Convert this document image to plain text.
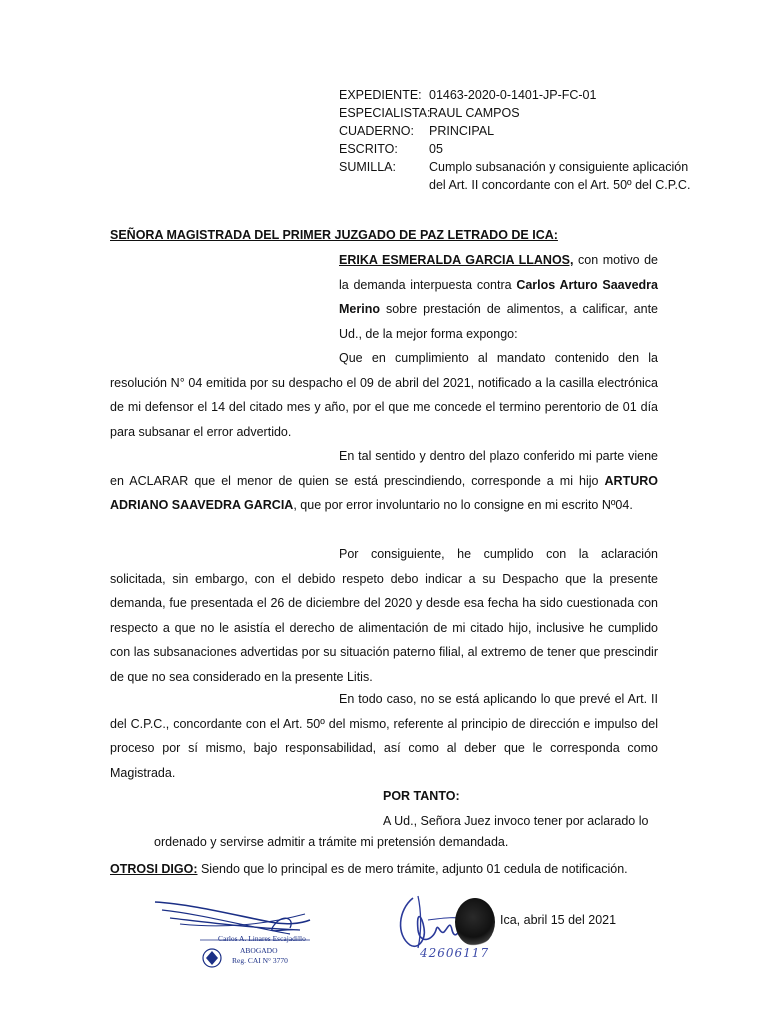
EXPEDIENTE: 01463-2020-0-1401-JP-FC-01
ESPECIALISTA:
RAUL CAMPOS
CUADERNO:	PRINCIPAL
ESCRITO:	05
SUMILLA:	Cumplo subsanación y consiguiente aplicación del Art. II concordante con el Art. 50º del C.P.C.
SEÑORA MAGISTRADA DEL PRIMER JUZGADO DE PAZ LETRADO DE ICA:
ERIKA ESMERALDA GARCIA LLANOS, con motivo de la demanda interpuesta contra Carlos Arturo Saavedra Merino sobre prestación de alimentos, a calificar, ante Ud., de la mejor forma expongo:
Que en cumplimiento al mandato contenido den la resolución N° 04 emitida por su despacho el 09 de abril del 2021, notificado a la casilla electrónica de mi defensor el 14 del citado mes y año, por el que me concede el termino perentorio de 01 día para subsanar el error advertido.
En tal sentido y dentro del plazo conferido mi parte viene en ACLARAR que el menor de quien se está prescindiendo, corresponde a mi hijo ARTURO ADRIANO SAAVEDRA GARCIA, que por error involuntario no lo consigne en mi escrito Nº04.
Por consiguiente, he cumplido con la aclaración solicitada, sin embargo, con el debido respeto debo indicar a su Despacho que la presente demanda, fue presentada el 26 de diciembre del 2020 y desde esa fecha ha sido cuestionada con respecto a que no le asistía el derecho de alimentación de mi citado hijo, inclusive he cumplido con las subsanaciones advertidas por su situación paterno filial, al extremo de tener que prescindir de que no sea considerado en la presente Litis.
En todo caso, no se está aplicando lo que prevé el Art. II del C.P.C., concordante con el Art. 50º del mismo, referente al principio de dirección e impulso del proceso por sí mismo, bajo responsabilidad, así como al deber que le corresponda como Magistrada.
POR TANTO:
A Ud., Señora Juez invoco tener por aclarado lo
ordenado y servirse admitir a trámite mi pretensión demandada.
OTROSI DIGO: Siendo que lo principal es de mero trámite, adjunto 01 cedula de notificación.
Carlos A. Linares Escajadillo
ABOGADO
Reg. CAI N° 3770
42606117
Ica, abril 15 del 2021
